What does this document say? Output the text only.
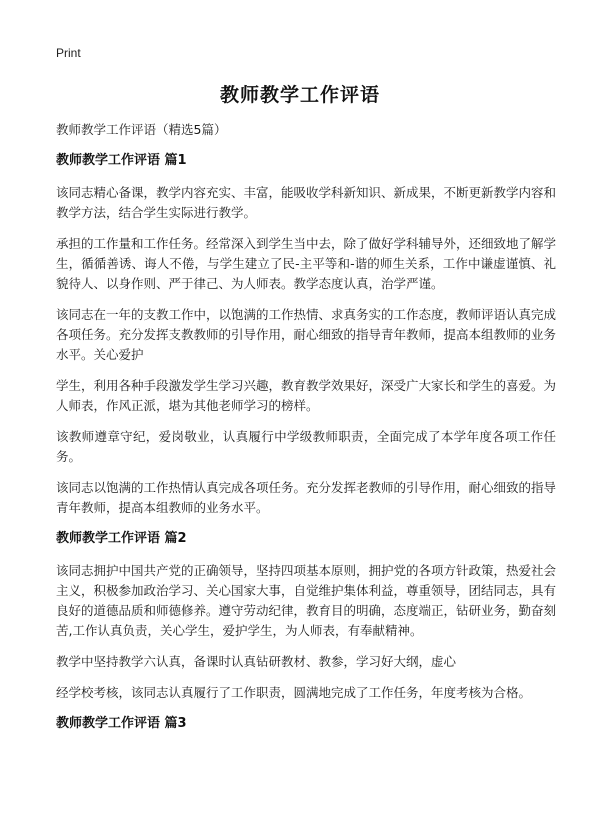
Print
教师教学工作评语

教师教学工作评语（精选5篇）

教师教学工作评语 篇1

该同志精心备课，教学内容充实、丰富，能吸收学科新知识、新成果，不断更新教学内容和教学方法，结合学生实际进行教学。

承担的工作量和工作任务。经常深入到学生当中去，除了做好学科辅导外，还细致地了解学生，循循善诱、诲人不倦，与学生建立了民-主平等和-谐的师生关系，工作中谦虚谨慎、礼貌待人、以身作则、严于律己、为人师表。教学态度认真，治学严谨。

该同志在一年的支教工作中，以饱满的工作热情、求真务实的工作态度，教师评语认真完成各项任务。充分发挥支教教师的引导作用，耐心细致的指导青年教师，提高本组教师的业务水平。关心爱护

学生，利用各种手段激发学生学习兴趣，教育教学效果好，深受广大家长和学生的喜爱。为人师表，作风正派，堪为其他老师学习的榜样。

该教师遵章守纪，爱岗敬业，认真履行中学级教师职责，全面完成了本学年度各项工作任务。

该同志以饱满的工作热情认真完成各项任务。充分发挥老教师的引导作用，耐心细致的指导青年教师，提高本组教师的业务水平。

教师教学工作评语 篇2

该同志拥护中国共产党的正确领导，坚持四项基本原则，拥护党的各项方针政策，热爱社会主义，积极参加政治学习、关心国家大事，自觉维护集体利益，尊重领导，团结同志，具有良好的道德品质和师德修养。遵守劳动纪律，教育目的明确，态度端正，钻研业务，勤奋刻苦,工作认真负责，关心学生，爱护学生，为人师表，有奉献精神。

教学中坚持教学六认真，备课时认真钻研教材、教参，学习好大纲，虚心

经学校考核，该同志认真履行了工作职责，圆满地完成了工作任务，年度考核为合格。

教师教学工作评语 篇3
